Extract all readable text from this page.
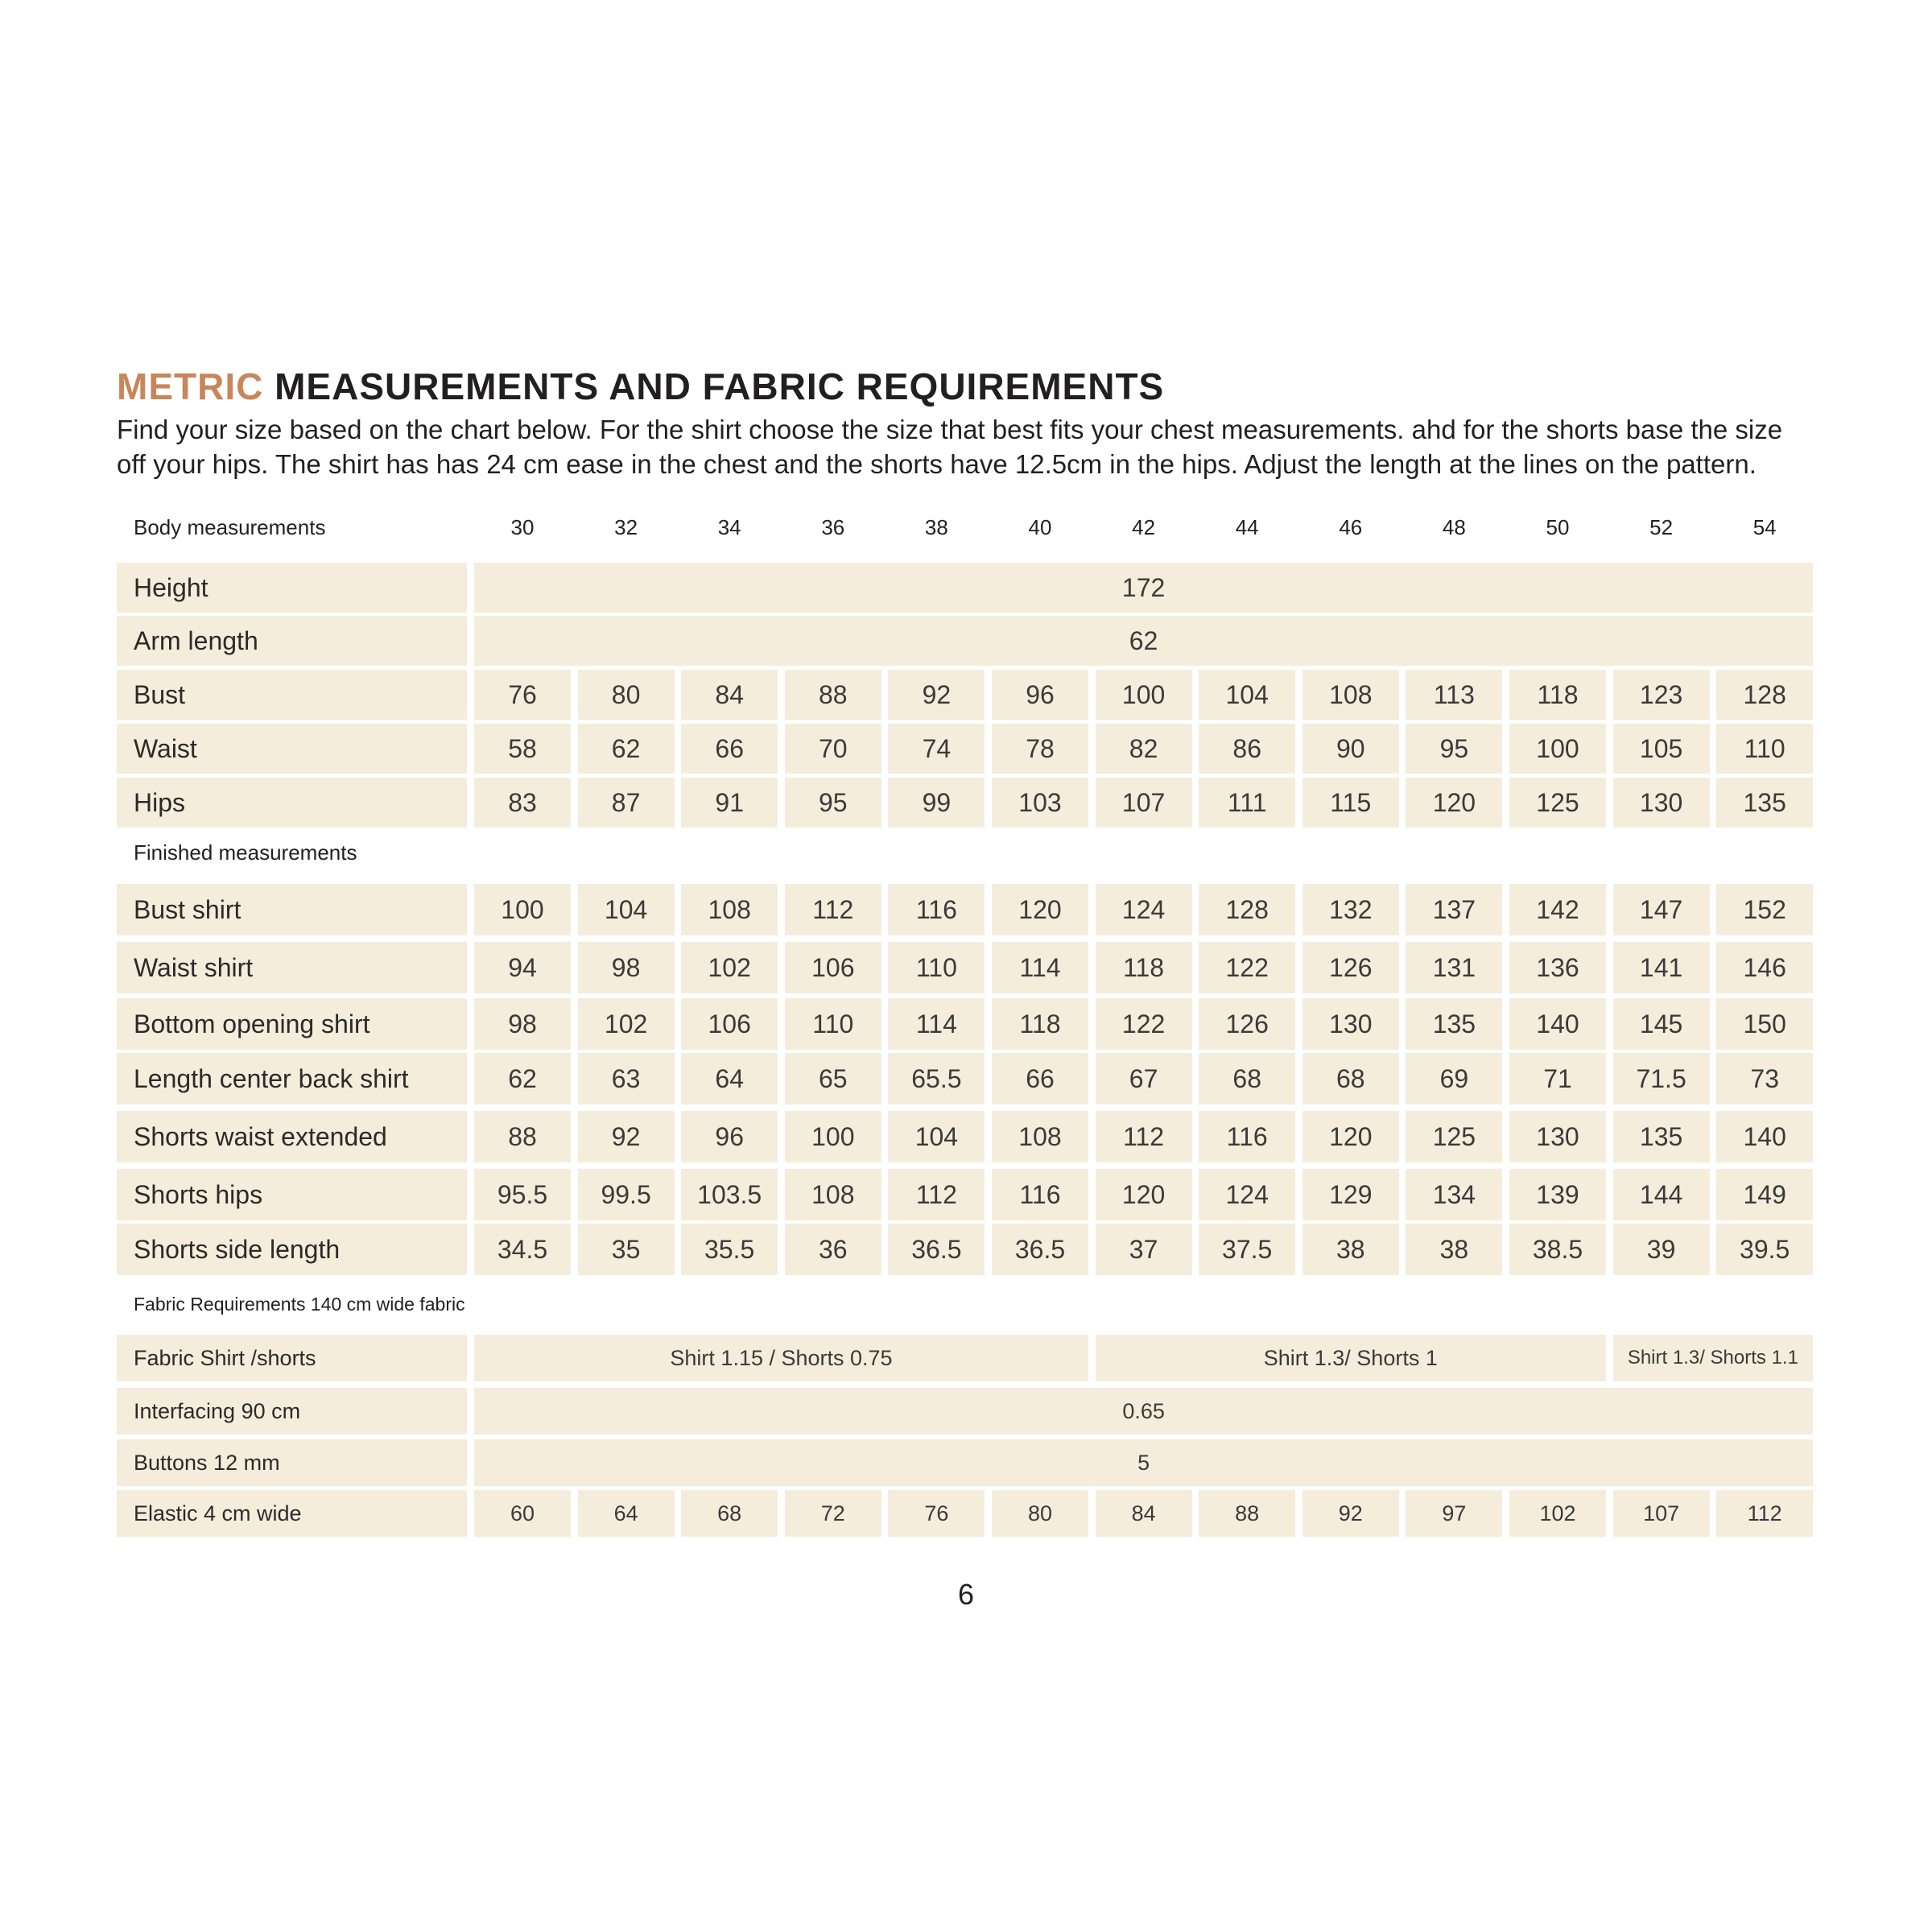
METRIC MEASUREMENTS AND FABRIC REQUIREMENTS

Find your size based on the chart below. For the shirt choose the size that best fits your chest measurements. ahd for the shorts base the size off your hips. The shirt has has 24 cm ease in the chest and the shorts have 12.5cm in the hips. Adjust the length at the lines on the pattern.

Body measurements	30	32	34	36	38	40	42	44	46	48	50	52	54
Height	172
Arm length	62
Bust	76	80	84	88	92	96	100	104	108	113	118	123	128
Waist	58	62	66	70	74	78	82	86	90	95	100	105	110
Hips	83	87	91	95	99	103	107	111	115	120	125	130	135
Finished measurements
Bust shirt	100	104	108	112	116	120	124	128	132	137	142	147	152
Waist shirt	94	98	102	106	110	114	118	122	126	131	136	141	146
Bottom opening shirt	98	102	106	110	114	118	122	126	130	135	140	145	150
Length center back shirt	62	63	64	65	65.5	66	67	68	68	69	71	71.5	73
Shorts waist extended	88	92	96	100	104	108	112	116	120	125	130	135	140
Shorts hips	95.5	99.5	103.5	108	112	116	120	124	129	134	139	144	149
Shorts side length	34.5	35	35.5	36	36.5	36.5	37	37.5	38	38	38.5	39	39.5
Fabric Requirements 140 cm wide fabric
Fabric Shirt /shorts	Shirt 1.15 / Shorts 0.75	Shirt 1.3/ Shorts 1	Shirt 1.3/ Shorts 1.1
Interfacing 90 cm	0.65
Buttons 12 mm	5
Elastic 4 cm wide	60	64	68	72	76	80	84	88	92	97	102	107	112
6
